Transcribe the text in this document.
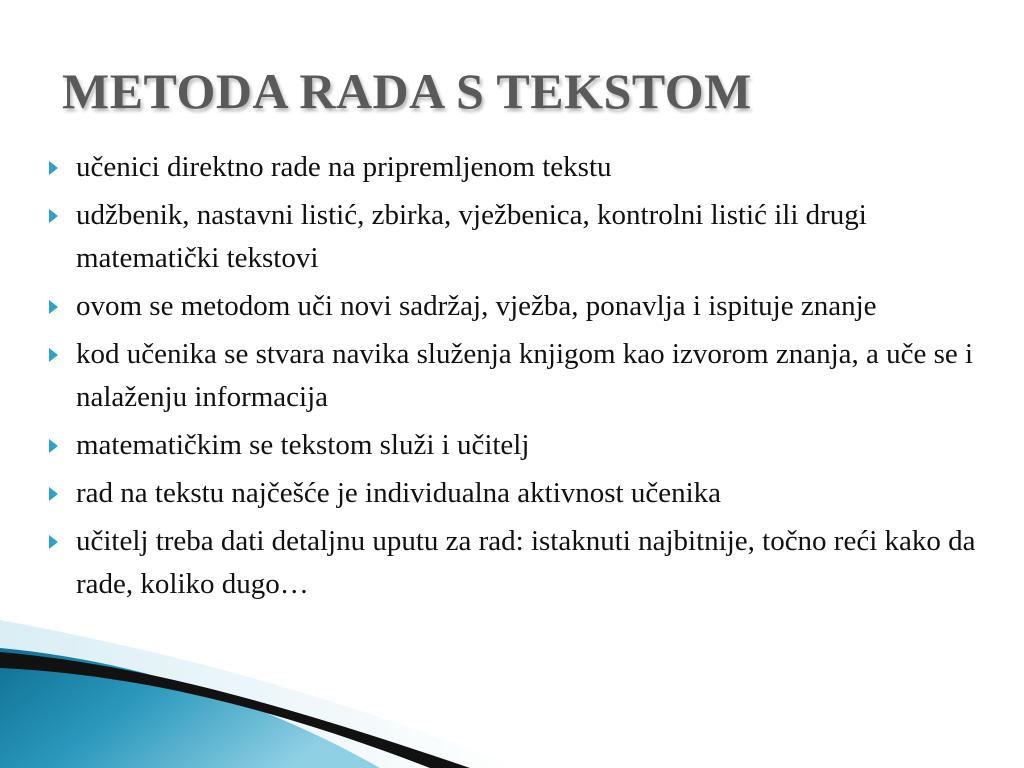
METODA RADA S TEKSTOM
učenici direktno rade na pripremljenom tekstu
udžbenik, nastavni listić, zbirka, vježbenica, kontrolni listić ili drugi matematički tekstovi
ovom se metodom uči novi sadržaj, vježba, ponavlja i ispituje znanje
kod učenika se stvara navika služenja knjigom kao izvorom znanja, a uče se i nalaženju informacija
matematičkim se tekstom služi i učitelj
rad na tekstu najčešće je individualna aktivnost učenika
učitelj treba dati detaljnu uputu za rad: istaknuti najbitnije, točno reći kako da rade, koliko dugo…
